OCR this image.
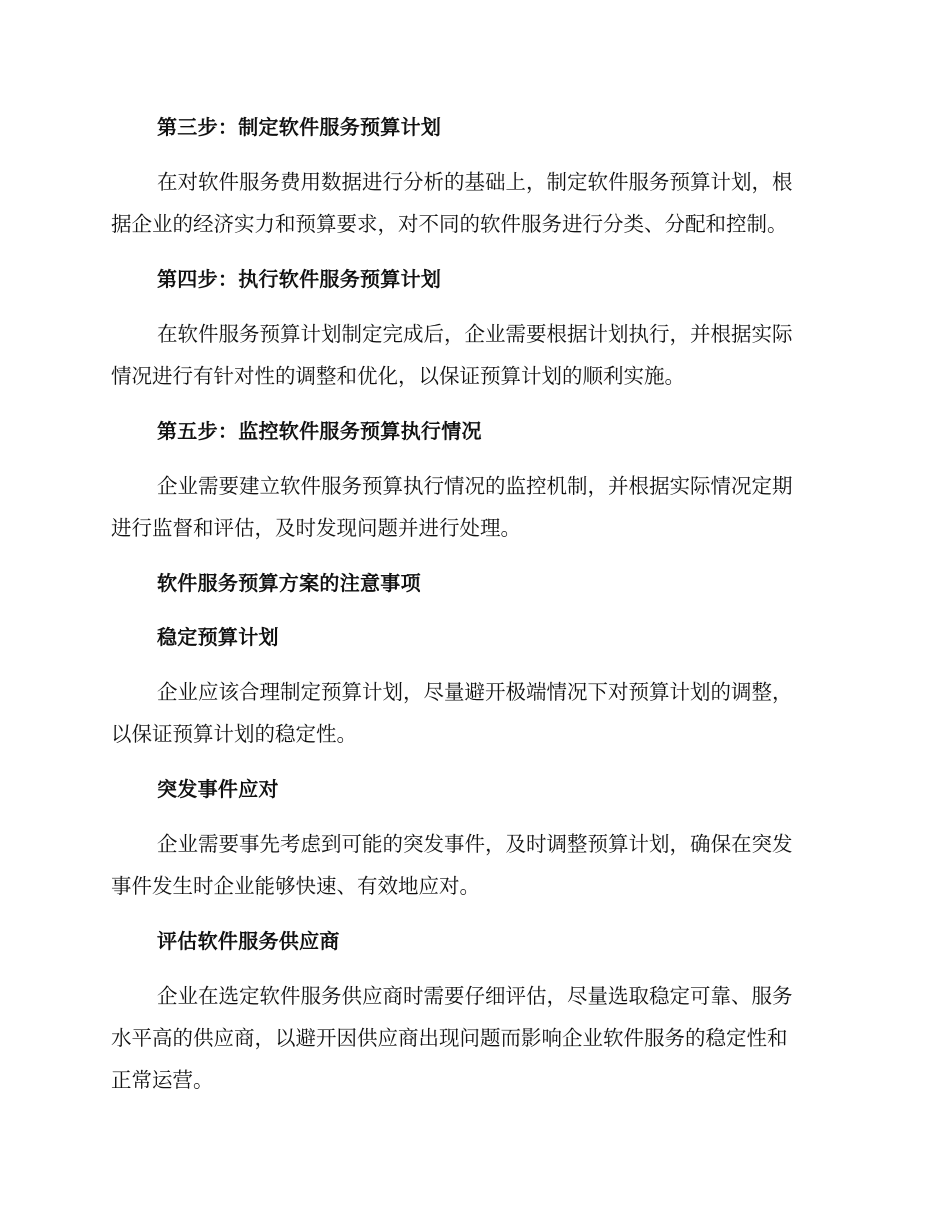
第三步：制定软件服务预算计划
在对软件服务费用数据进行分析的基础上，制定软件服务预算计划，根
据企业的经济实力和预算要求，对不同的软件服务进行分类、分配和控制。
第四步：执行软件服务预算计划
在软件服务预算计划制定完成后，企业需要根据计划执行，并根据实际
情况进行有针对性的调整和优化，以保证预算计划的顺利实施。
第五步：监控软件服务预算执行情况
企业需要建立软件服务预算执行情况的监控机制，并根据实际情况定期
进行监督和评估，及时发现问题并进行处理。
软件服务预算方案的注意事项
稳定预算计划
企业应该合理制定预算计划，尽量避开极端情况下对预算计划的调整，
以保证预算计划的稳定性。
突发事件应对
企业需要事先考虑到可能的突发事件，及时调整预算计划，确保在突发
事件发生时企业能够快速、有效地应对。
评估软件服务供应商
企业在选定软件服务供应商时需要仔细评估，尽量选取稳定可靠、服务
水平高的供应商，以避开因供应商出现问题而影响企业软件服务的稳定性和
正常运营。
